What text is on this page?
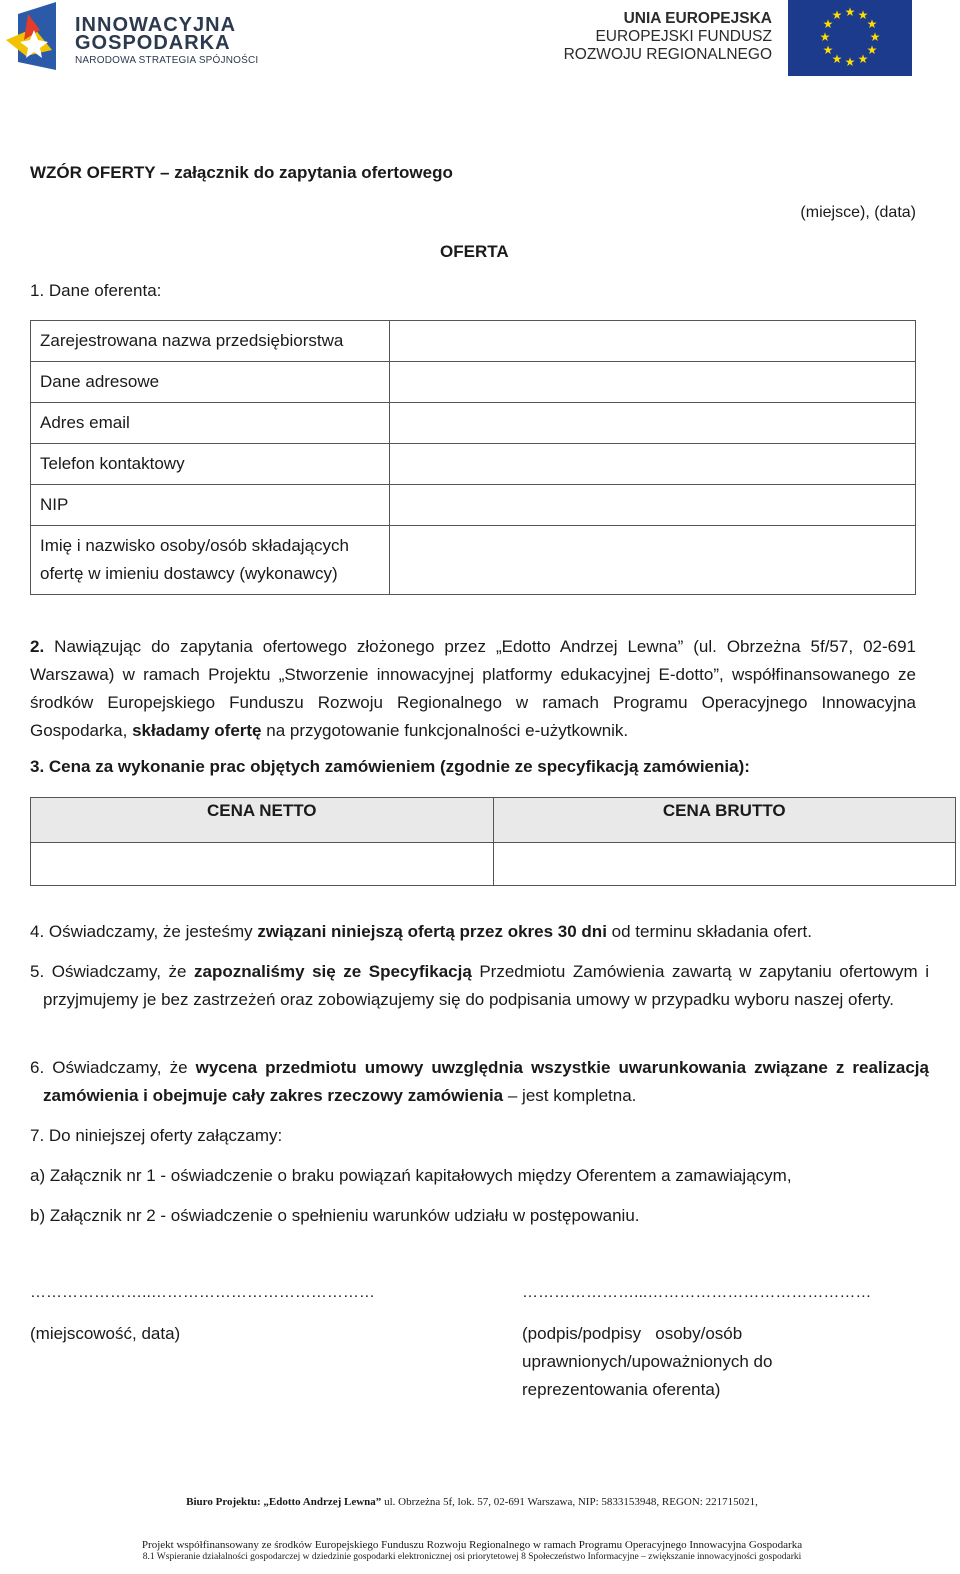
INNOWACYJNA
GOSPODARKA
NARODOWA STRATEGIA SPÓJNOŚCI
UNIA EUROPEJSKA
EUROPEJSKI FUNDUSZ
ROZWOJU REGIONALNEGO
★ ★
★
★
★
★
★
★
★
★
★
★
WZÓR OFERTY – załącznik do zapytania ofertowego
(miejsce), (data)
OFERTA
1. Dane oferenta:
Zarejestrowana nazwa przedsiębiorstwa	
Dane adresowe	
Adres email	
Telefon kontaktowy	
NIP	
Imię i nazwisko osoby/osób składających ofertę w imieniu dostawcy (wykonawcy)	
2. Nawiązując do zapytania ofertowego złożonego przez „Edotto Andrzej Lewna” (ul. Obrzeżna 5f/57, 02-691 Warszawa) w ramach Projektu „Stworzenie innowacyjnej platformy edukacyjnej E-dotto”, współfinansowanego ze środków Europejskiego Funduszu Rozwoju Regionalnego w ramach Programu Operacyjnego Innowacyjna Gospodarka, składamy ofertę na przygotowanie funkcjonalności e-użytkownik.
3. Cena za wykonanie prac objętych zamówieniem (zgodnie ze specyfikacją zamówienia):
CENA NETTO	CENA BRUTTO

4. Oświadczamy, że jesteśmy związani niniejszą ofertą przez okres 30 dni od terminu składania ofert.
5. Oświadczamy, że zapoznaliśmy się ze Specyfikacją Przedmiotu Zamówienia zawartą w zapytaniu ofertowym i przyjmujemy je bez zastrzeżeń oraz zobowiązujemy się do podpisania umowy w przypadku wyboru naszej oferty.
6. Oświadczamy, że wycena przedmiotu umowy uwzględnia wszystkie uwarunkowania związane z realizacją zamówienia i obejmuje cały zakres rzeczowy zamówienia – jest kompletna.
7. Do niniejszej oferty załączamy:
a) Załącznik nr 1 - oświadczenie o braku powiązań kapitałowych między Oferentem a zamawiającym,
b) Załącznik nr 2 - oświadczenie o spełnieniu warunków udziału w postępowaniu.
…………………..……………………………………	…………………...……………………………………
(miejscowość, data)	(podpis/podpisy   osoby/osób
uprawnionych/upoważnionych do
reprezentowania oferenta)
Biuro Projektu: „Edotto Andrzej Lewna” ul. Obrzeżna 5f, lok. 57, 02-691 Warszawa, NIP: 5833153948, REGON: 221715021,
Projekt współfinansowany ze środków Europejskiego Funduszu Rozwoju Regionalnego w ramach Programu Operacyjnego Innowacyjna Gospodarka
8.1 Wspieranie działalności gospodarczej w dziedzinie gospodarki elektronicznej osi priorytetowej 8 Społeczeństwo Informacyjne – zwiększanie innowacyjności gospodarki
